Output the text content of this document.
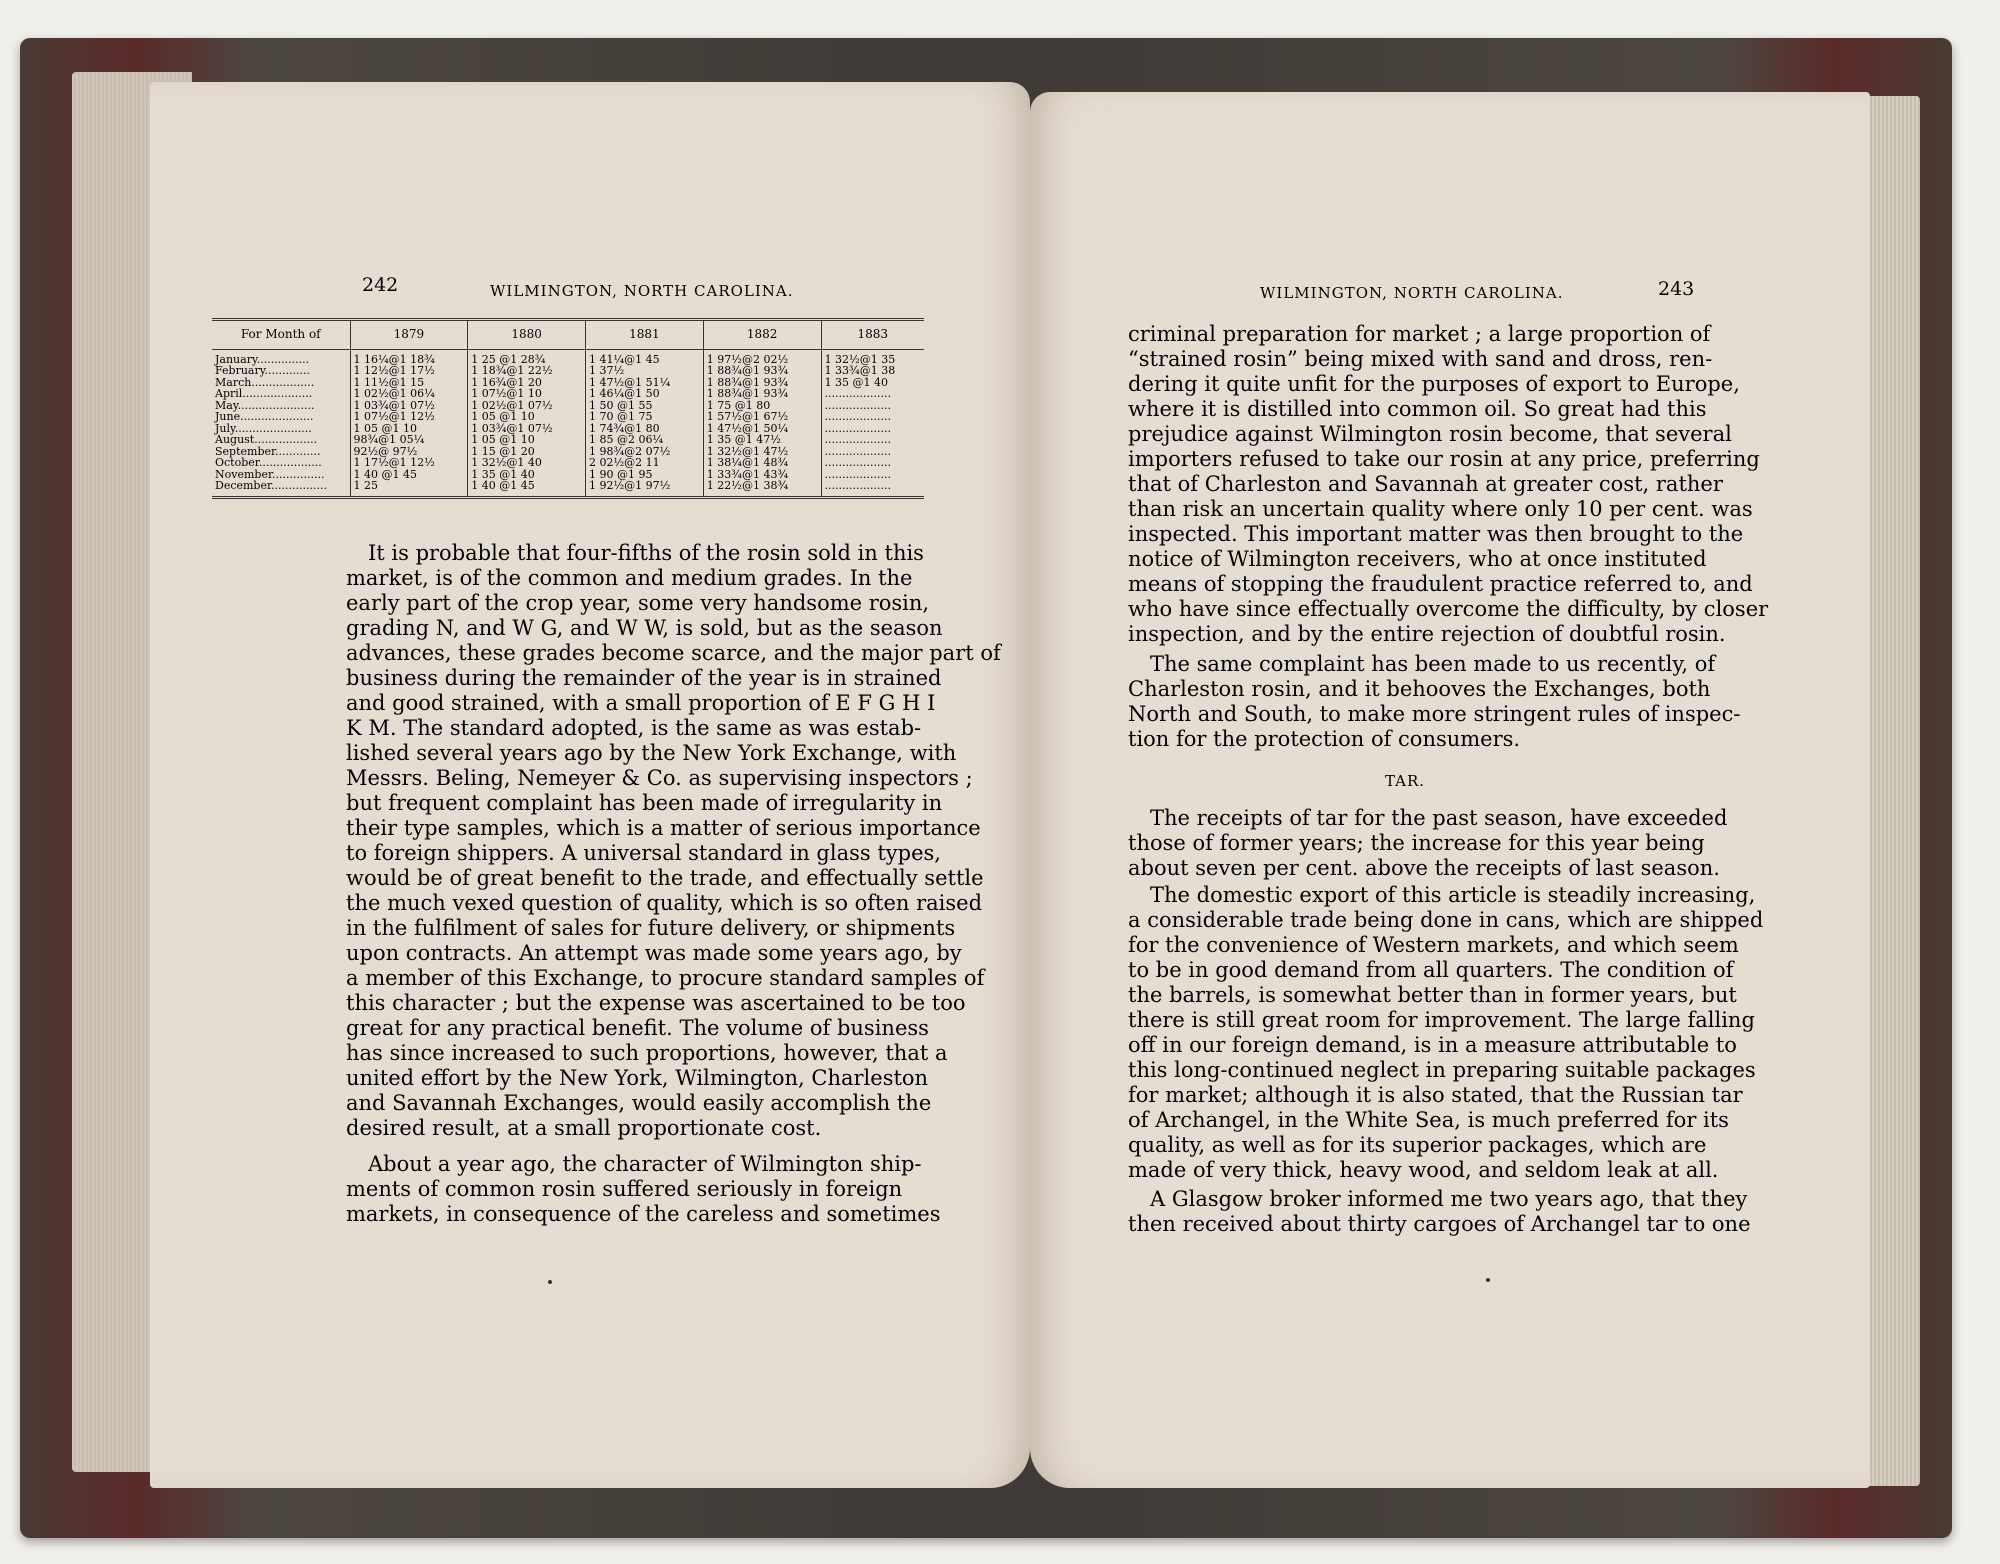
242	WILMINGTON, NORTH CAROLINA.
For Month of	1879	1880	1881	1882	1883
January...............	1 16¼@1 18¾	1 25 @1 28¾	1 41¼@1 45	1 97½@2 02½	1 32½@1 35
February.............	1 12½@1 17½	1 18¾@1 22½	1 37½	1 88¾@1 93¾	1 33¾@1 38
March..................	1 11½@1 15	1 16¾@1 20	1 47½@1 51¼	1 88¾@1 93¾	1 35 @1 40
April....................	1 02½@1 06¼	1 07½@1 10	1 46¼@1 50	1 88¾@1 93¾	...................
May......................	1 03¾@1 07½	1 02½@1 07½	1 50 @1 55	1 75 @1 80	...................
June.....................	1 07½@1 12½	1 05 @1 10	1 70 @1 75	1 57½@1 67½	...................
July......................	1 05 @1 10	1 03¾@1 07½	1 74¾@1 80	1 47½@1 50¼	...................
August..................	98¾@1 05¼	1 05 @1 10	1 85 @2 06¼	1 35 @1 47½	...................
September.............	92½@ 97½	1 15 @1 20	1 98¾@2 07½	1 32½@1 47½	...................
October..................	1 17½@1 12½	1 32½@1 40	2 02½@2 11	1 38¼@1 48¾	...................
November...............	1 40 @1 45	1 35 @1 40	1 90 @1 95	1 33¾@1 43¾	...................
December................	1 25	1 40 @1 45	1 92½@1 97½	1 22½@1 38¾	...................
It is probable that four-fifths of the rosin sold in this
market, is of the common and medium grades. In the
early part of the crop year, some very handsome rosin,
grading N, and W G, and W W, is sold, but as the season
advances, these grades become scarce, and the major part of
business during the remainder of the year is in strained
and good strained, with a small proportion of E F G H I
K M. The standard adopted, is the same as was estab-
lished several years ago by the New York Exchange, with
Messrs. Beling, Nemeyer & Co. as supervising inspectors ;
but frequent complaint has been made of irregularity in
their type samples, which is a matter of serious importance
to foreign shippers. A universal standard in glass types,
would be of great benefit to the trade, and effectually settle
the much vexed question of quality, which is so often raised
in the fulfilment of sales for future delivery, or shipments
upon contracts. An attempt was made some years ago, by
a member of this Exchange, to procure standard samples of
this character ; but the expense was ascertained to be too
great for any practical benefit. The volume of business
has since increased to such proportions, however, that a
united effort by the New York, Wilmington, Charleston
and Savannah Exchanges, would easily accomplish the
desired result, at a small proportionate cost.
About a year ago, the character of Wilmington ship-
ments of common rosin suffered seriously in foreign
markets, in consequence of the careless and sometimes
WILMINGTON, NORTH CAROLINA.	243
criminal preparation for market ; a large proportion of
“strained rosin” being mixed with sand and dross, ren-
dering it quite unfit for the purposes of export to Europe,
where it is distilled into common oil. So great had this
prejudice against Wilmington rosin become, that several
importers refused to take our rosin at any price, preferring
that of Charleston and Savannah at greater cost, rather
than risk an uncertain quality where only 10 per cent. was
inspected. This important matter was then brought to the
notice of Wilmington receivers, who at once instituted
means of stopping the fraudulent practice referred to, and
who have since effectually overcome the difficulty, by closer
inspection, and by the entire rejection of doubtful rosin.
The same complaint has been made to us recently, of
Charleston rosin, and it behooves the Exchanges, both
North and South, to make more stringent rules of inspec-
tion for the protection of consumers.
TAR.
The receipts of tar for the past season, have exceeded
those of former years; the increase for this year being
about seven per cent. above the receipts of last season.
The domestic export of this article is steadily increasing,
a considerable trade being done in cans, which are shipped
for the convenience of Western markets, and which seem
to be in good demand from all quarters. The condition of
the barrels, is somewhat better than in former years, but
there is still great room for improvement. The large falling
off in our foreign demand, is in a measure attributable to
this long-continued neglect in preparing suitable packages
for market; although it is also stated, that the Russian tar
of Archangel, in the White Sea, is much preferred for its
quality, as well as for its superior packages, which are
made of very thick, heavy wood, and seldom leak at all.
A Glasgow broker informed me two years ago, that they
then received about thirty cargoes of Archangel tar to one
